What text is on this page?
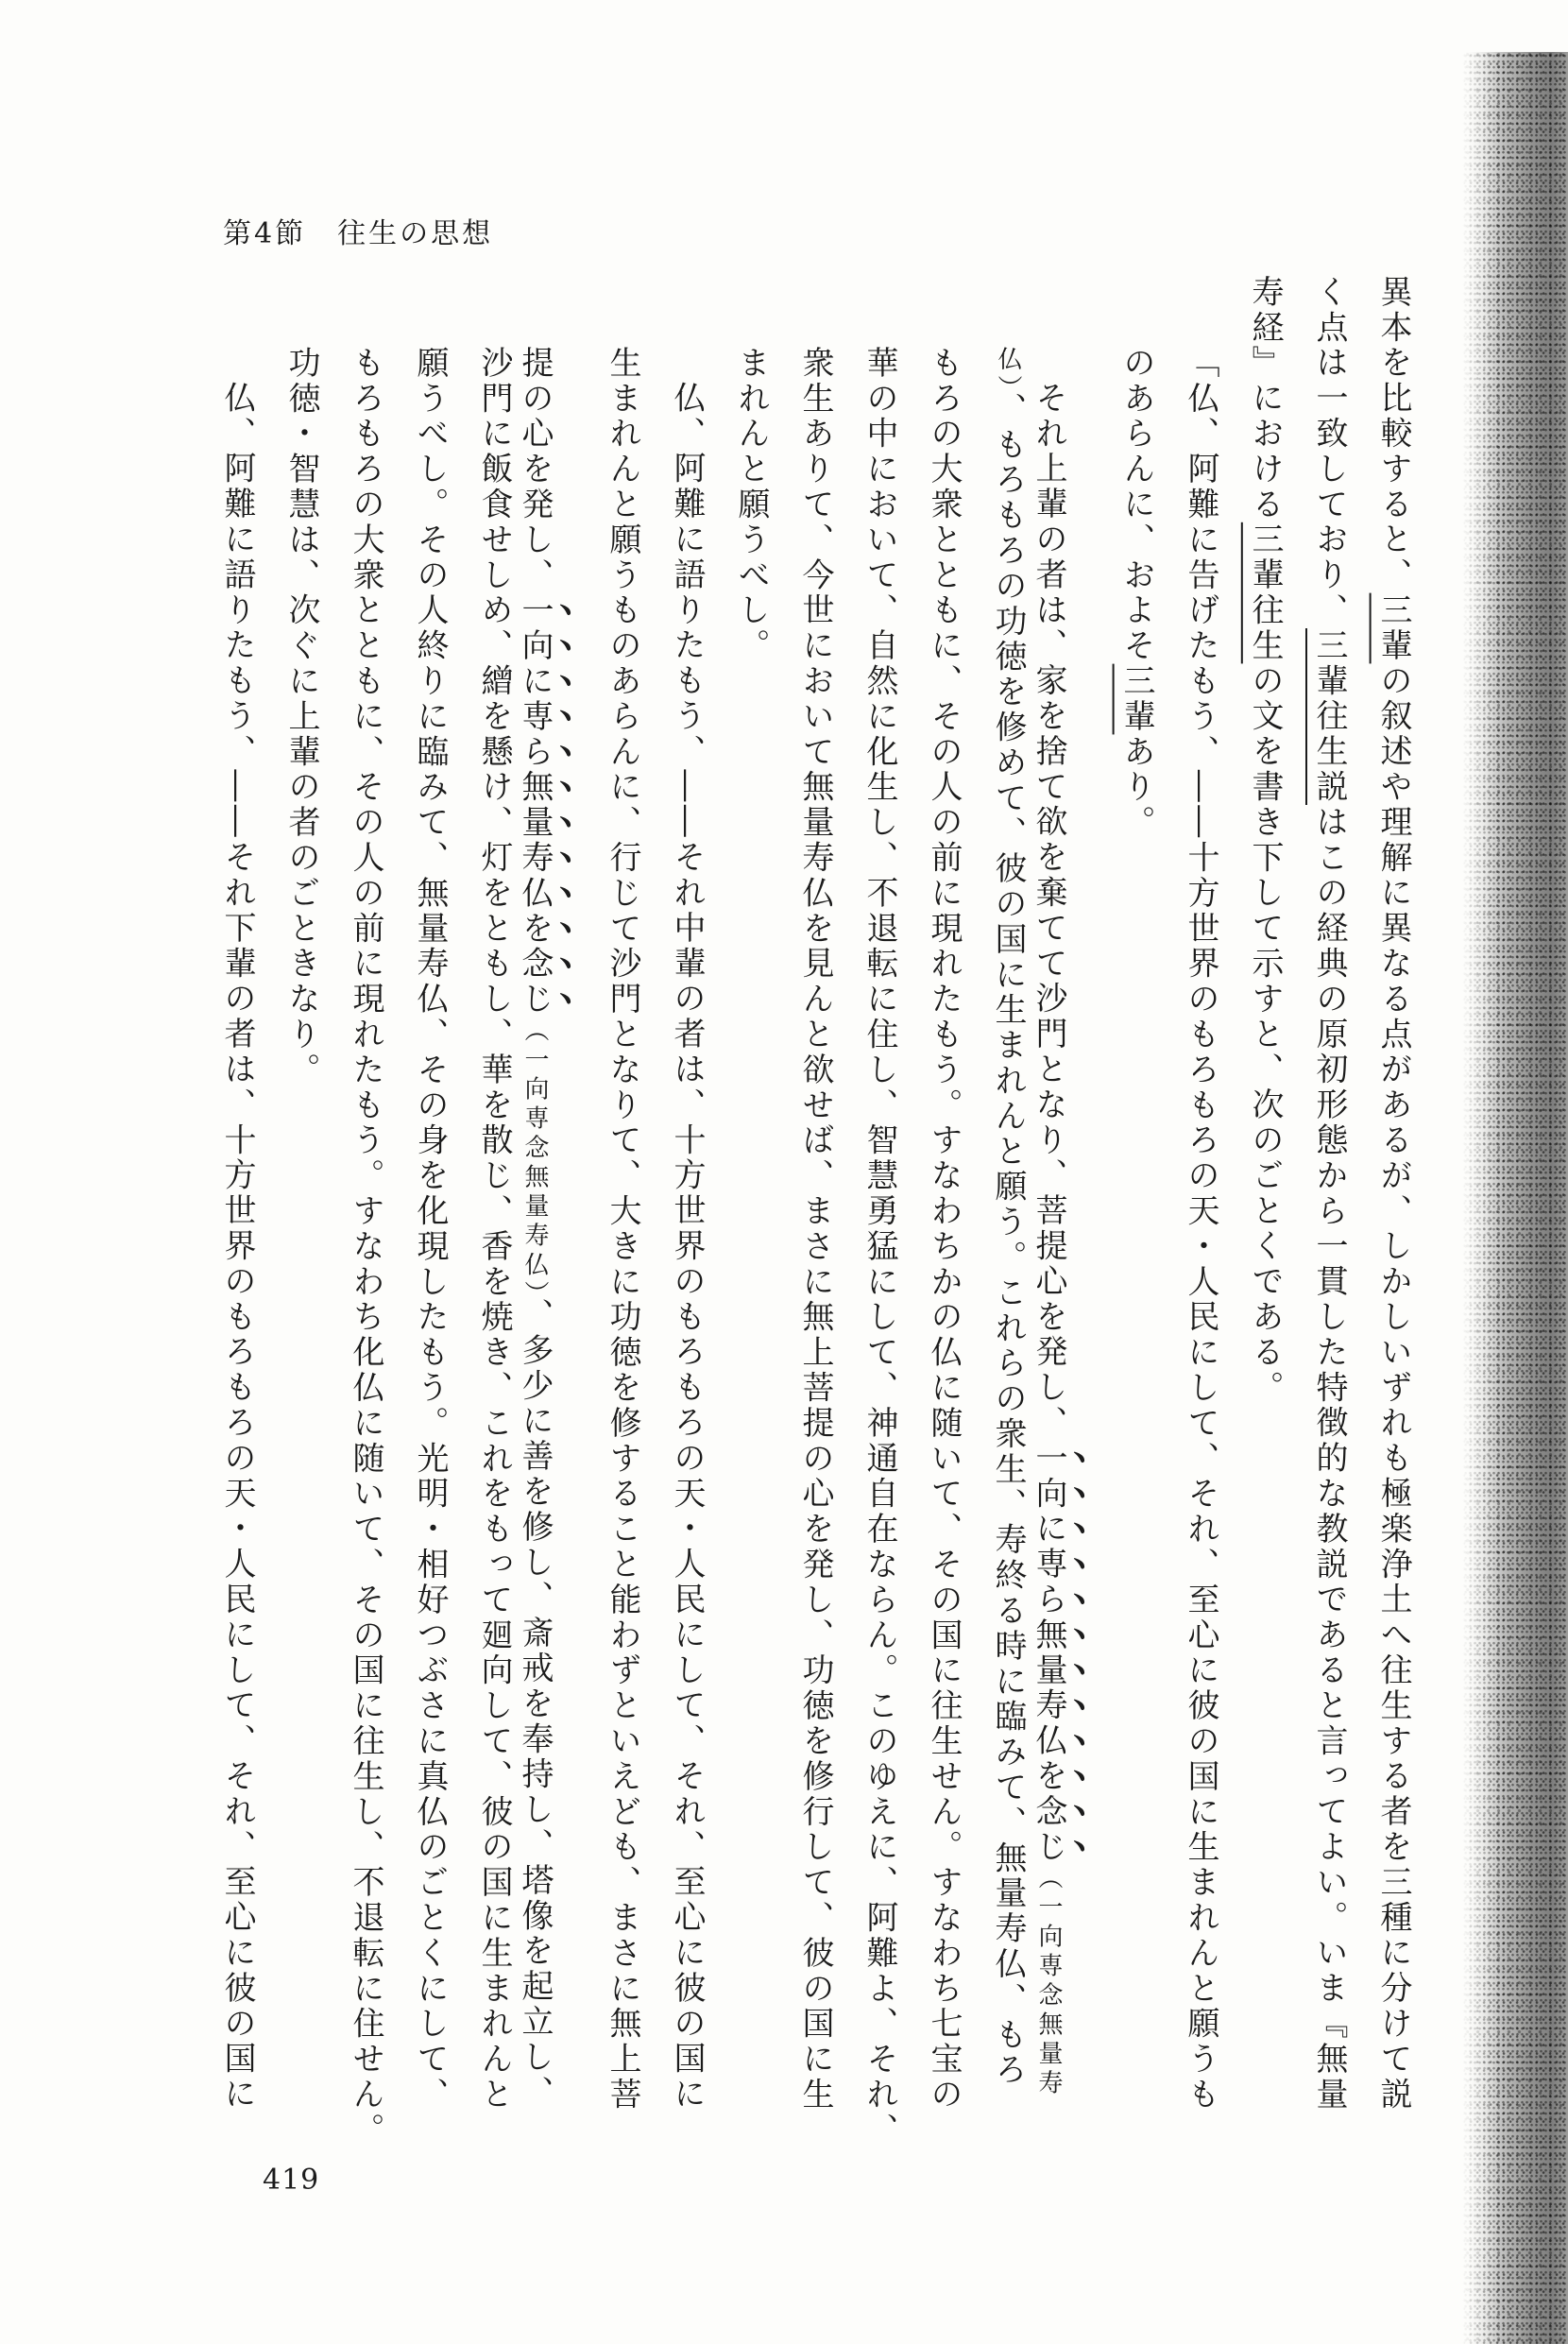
第4節　往生の思想
異本を比較すると、三輩の叙述や理解に異なる点があるが、しかしいずれも極楽浄土へ往生する者を三種に分けて説
く点は一致しており、三輩往生説はこの経典の原初形態から一貫した特徴的な教説であると言ってよい。いま『無量
寿経』における三輩往生の文を書き下して示すと、次のごとくである。
「仏、阿難に告げたもう、――十方世界のもろもろの天・人民にして、それ、至心に彼の国に生まれんと願うも
のあらんに、およそ三輩あり。
それ上輩の者は、家を捨て欲を棄てて沙門となり、菩提心を発し、一向に専ら無量寿仏を念じ（一向専念無量寿
仏）、もろもろの功徳を修めて、彼の国に生まれんと願う。これらの衆生、寿終る時に臨みて、無量寿仏、もろ
もろの大衆とともに、その人の前に現れたもう。すなわちかの仏に随いて、その国に往生せん。すなわち七宝の
華の中において、自然に化生し、不退転に住し、智慧勇猛にして、神通自在ならん。このゆえに、阿難よ、それ、
衆生ありて、今世において無量寿仏を見んと欲せば、まさに無上菩提の心を発し、功徳を修行して、彼の国に生
まれんと願うべし。
仏、阿難に語りたもう、――それ中輩の者は、十方世界のもろもろの天・人民にして、それ、至心に彼の国に
生まれんと願うものあらんに、行じて沙門となりて、大きに功徳を修すること能わずといえども、まさに無上菩
提の心を発し、一向に専ら無量寿仏を念じ（一向専念無量寿仏）、多少に善を修し、斎戒を奉持し、塔像を起立し、
沙門に飯食せしめ、繒を懸け、灯をともし、華を散じ、香を焼き、これをもって廻向して、彼の国に生まれんと
願うべし。その人終りに臨みて、無量寿仏、その身を化現したもう。光明・相好つぶさに真仏のごとくにして、
もろもろの大衆とともに、その人の前に現れたもう。すなわち化仏に随いて、その国に往生し、不退転に住せん。
功徳・智慧は、次ぐに上輩の者のごときなり。
仏、阿難に語りたもう、――それ下輩の者は、十方世界のもろもろの天・人民にして、それ、至心に彼の国に
419
